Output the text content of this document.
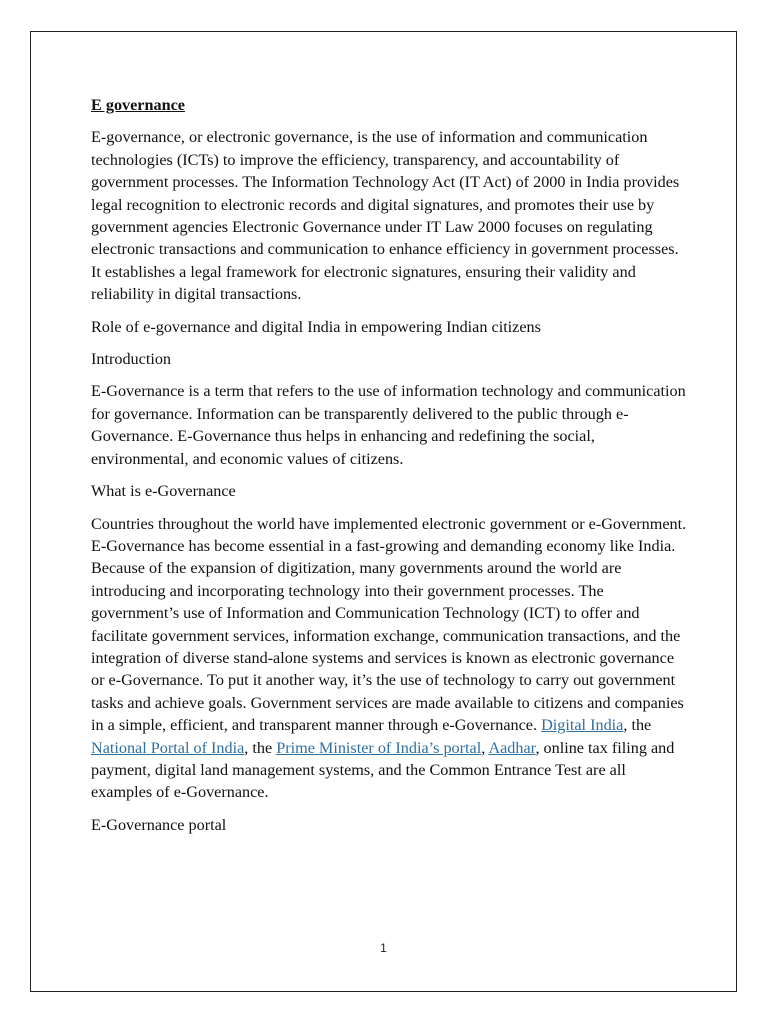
E governance

E-governance, or electronic governance, is the use of information and communication technologies (ICTs) to improve the efficiency, transparency, and accountability of government processes. The Information Technology Act (IT Act) of 2000 in India provides legal recognition to electronic records and digital signatures, and promotes their use by government agencies Electronic Governance under IT Law 2000 focuses on regulating electronic transactions and communication to enhance efficiency in government processes. It establishes a legal framework for electronic signatures, ensuring their validity and reliability in digital transactions.

Role of e-governance and digital India in empowering Indian citizens

Introduction

E-Governance is a term that refers to the use of information technology and communication for governance. Information can be transparently delivered to the public through e-Governance. E-Governance thus helps in enhancing and redefining the social, environmental, and economic values of citizens.

What is e-Governance

Countries throughout the world have implemented electronic government or e-Government. E-Governance has become essential in a fast-growing and demanding economy like India. Because of the expansion of digitization, many governments around the world are introducing and incorporating technology into their government processes. The government’s use of Information and Communication Technology (ICT) to offer and facilitate government services, information exchange, communication transactions, and the integration of diverse stand-alone systems and services is known as electronic governance or e-Governance. To put it another way, it’s the use of technology to carry out government tasks and achieve goals. Government services are made available to citizens and companies in a simple, efficient, and transparent manner through e-Governance. Digital India, the National Portal of India, the Prime Minister of India’s portal, Aadhar, online tax filing and payment, digital land management systems, and the Common Entrance Test are all examples of e-Governance.

E-Governance portal

1
